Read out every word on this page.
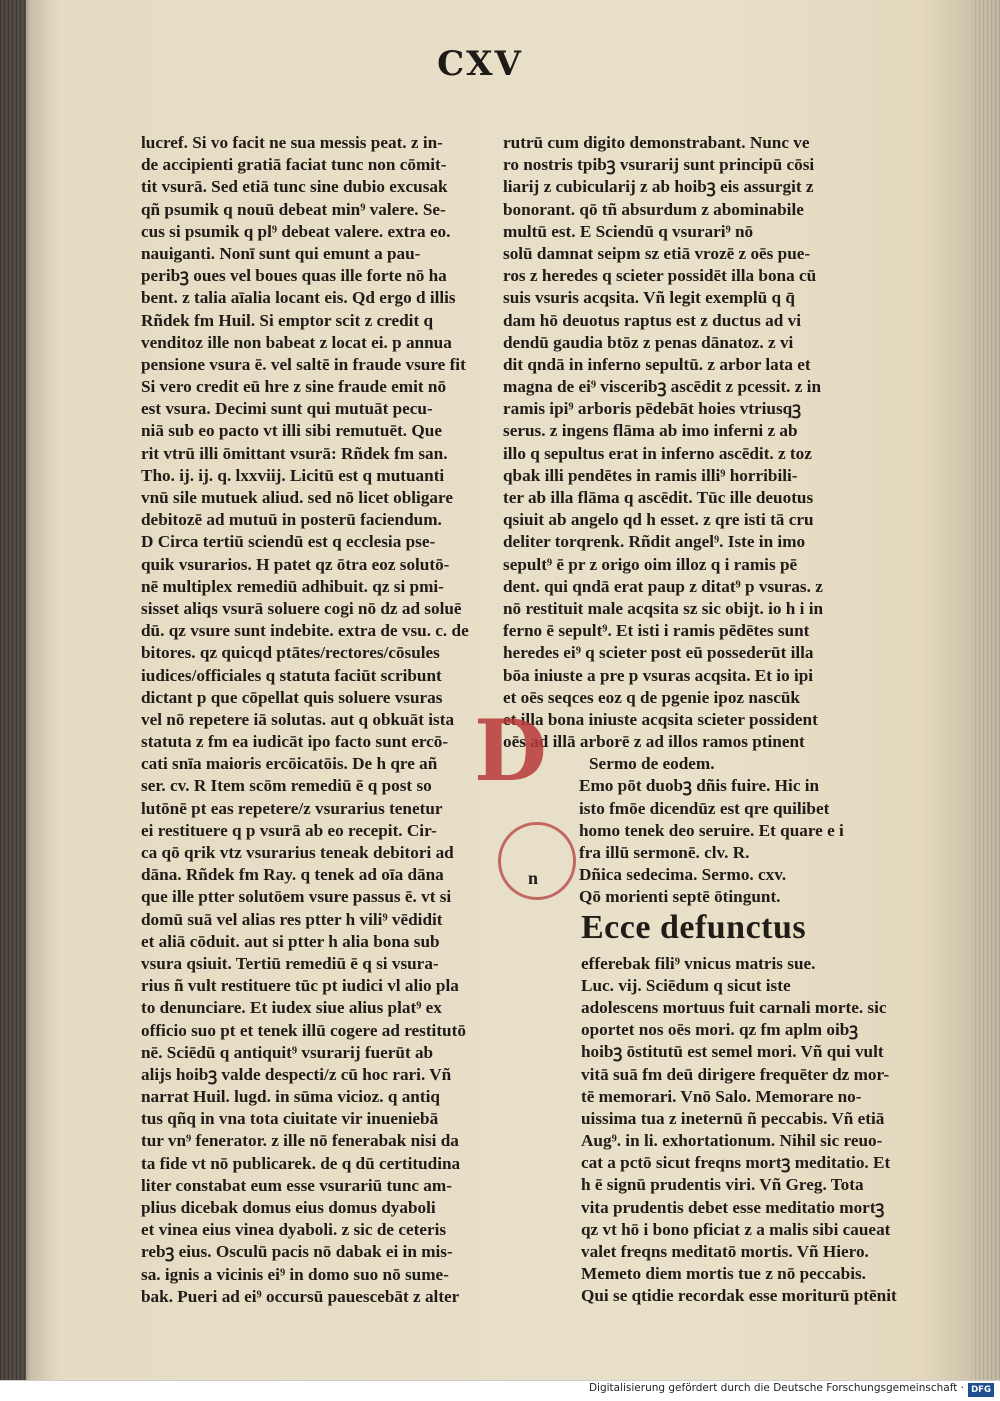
CXV
lucref. Si vo facit ne sua messis peat. z in-
de accipienti gratiā faciat tunc non cōmit-
tit vsurā. Sed etiā tunc sine dubio excusak
qñ psumik q nouū debeat min⁹ valere. Se-
cus si psumik q pl⁹ debeat valere. extra eo.
nauiganti. Nonī sunt qui emunt a pau-
peribꝫ oues vel boues quas ille forte nō ha
bent. z talia aīalia locant eis. Qd ergo d illis
Rñdek fm Huil. Si emptor scit z credit q
venditoz ille non babeat z locat ei. p annua
pensione vsura ē. vel saltē in fraude vsure fit
Si vero credit eū hre z sine fraude emit nō
est vsura. Decimi sunt qui mutuāt pecu-
niā sub eo pacto vt illi sibi remutuēt. Que
rit vtrū illi ōmittant vsurā: Rñdek fm san.
Tho. ij. ij. q. lxxviij. Licitū est q mutuanti
vnū sile mutuek aliud. sed nō licet obligare
debitozē ad mutuū in posterū faciendum.
D Circa tertiū sciendū est q ecclesia pse-
quik vsurarios. H patet qz ōtra eoz solutō-
nē multiplex remediū adhibuit. qz si pmi-
sisset aliqs vsurā soluere cogi nō dz ad soluē
dū. qz vsure sunt indebite. extra de vsu. c. de
bitores. qz quicqd ptātes/rectores/cōsules
iudices/officiales q statuta faciūt scribunt
dictant p que cōpellat quis soluere vsuras
vel nō repetere iā solutas. aut q obkuāt ista
statuta z fm ea iudicāt ipo facto sunt ercō-
cati snīa maioris ercōicatōis. De h qre añ
ser. cv. R Item scōm remediū ē q post so
lutōnē pt eas repetere/z vsurarius tenetur
ei restituere q p vsurā ab eo recepit. Cir-
ca qō qrik vtz vsurarius teneak debitori ad
dāna. Rñdek fm Ray. q tenek ad oīa dāna
que ille ptter solutōem vsure passus ē. vt si
domū suā vel alias res ptter h vili⁹ vēdidit
et aliā cōduit. aut si ptter h alia bona sub
vsura qsiuit. Tertiū remediū ē q si vsura-
rius ñ vult restituere tūc pt iudici vl alio pla
to denunciare. Et iudex siue alius plat⁹ ex
officio suo pt et tenek illū cogere ad restitutō
nē. Sciēdū q antiquit⁹ vsurarij fuerūt ab
alijs hoibꝫ valde despecti/z cū hoc rari. Vñ
narrat Huil. lugd. in sūma vicioz. q antiq
tus qñq in vna tota ciuitate vir inueniebā
tur vn⁹ fenerator. z ille nō fenerabak nisi da
ta fide vt nō publicarek. de q dū certitudina
liter constabat eum esse vsurariū tunc am-
plius dicebak domus eius domus dyaboli
et vinea eius vinea dyaboli. z sic de ceteris
rebꝫ eius. Osculū pacis nō dabak ei in mis-
sa. ignis a vicinis ei⁹ in domo suo nō sume-
bak. Pueri ad ei⁹ occursū pauescebāt z alter
rutrū cum digito demonstrabant. Nunc ve
ro nostris tpibꝫ vsurarij sunt principū cōsi
liarij z cubicularij z ab hoibꝫ eis assurgit z
bonorant. qō tñ absurdum z abominabile
multū est. E Sciendū q vsurari⁹ nō
solū damnat seipm sz etiā vrozē z oēs pue-
ros z heredes q scieter possidēt illa bona cū
suis vsuris acqsita. Vñ legit exemplū q q̄
dam hō deuotus raptus est z ductus ad vi
dendū gaudia btōz z penas dānatoz. z vi
dit qndā in inferno sepultū. z arbor lata et
magna de ei⁹ visceribꝫ ascēdit z pcessit. z in
ramis ipi⁹ arboris pēdebāt hoies vtriusqꝫ
serus. z ingens flāma ab imo inferni z ab
illo q sepultus erat in inferno ascēdit. z toz
qbak illi pendētes in ramis illi⁹ horribili-
ter ab illa flāma q ascēdit. Tūc ille deuotus
qsiuit ab angelo qd h esset. z qre isti tā cru
deliter torqrenk. Rñdit angel⁹. Iste in imo
sepult⁹ ē pr z origo oim illoz q i ramis pē
dent. qui qndā erat paup z ditat⁹ p vsuras. z
nō restituit male acqsita sz sic obijt. io h i in
ferno ē sepult⁹. Et isti i ramis pēdētes sunt
heredes ei⁹ q scieter post eū possederūt illa
bōa iniuste a pre p vsuras acqsita. Et io ipi
et oēs seqces eoz q de pgenie ipoz nascūk
et illa bona iniuste acqsita scieter possident
oēs ad illā arborē z ad illos ramos ptinent
Sermo de eodem.
Emo pōt duobꝫ dñis fuire. Hic in
isto fmōe dicendūz est qre quilibet
homo tenek deo seruire. Et quare e i
fra illū sermonē. clv. R.
Dñica sedecima. Sermo. cxv.
Qō morienti septē ōtingunt.
Ecce defunctus
efferebak fili⁹ vnicus matris sue.
Luc. vij. Sciēdum q sicut iste
adolescens mortuus fuit carnali morte. sic
oportet nos oēs mori. qz fm aplm oibꝫ
hoibꝫ ōstitutū est semel mori. Vñ qui vult
vitā suā fm deū dirigere frequēter dz mor-
tē memorari. Vnō Salo. Memorare no-
uissima tua z ineternū ñ peccabis. Vñ etiā
Aug⁹. in li. exhortationum. Nihil sic reuo-
cat a pctō sicut freqns mortꝫ meditatio. Et
h ē signū prudentis viri. Vñ Greg. Tota
vita prudentis debet esse meditatio mortꝫ
qz vt hō i bono pficiat z a malis sibi caueat
valet freqns meditatō mortis. Vñ Hiero.
Memeto diem mortis tue z nō peccabis.
Qui se qtidie recordak esse moriturū ptēnit
D
n
Digitalisierung gefördert durch die Deutsche Forschungsgemeinschaft · DFG
